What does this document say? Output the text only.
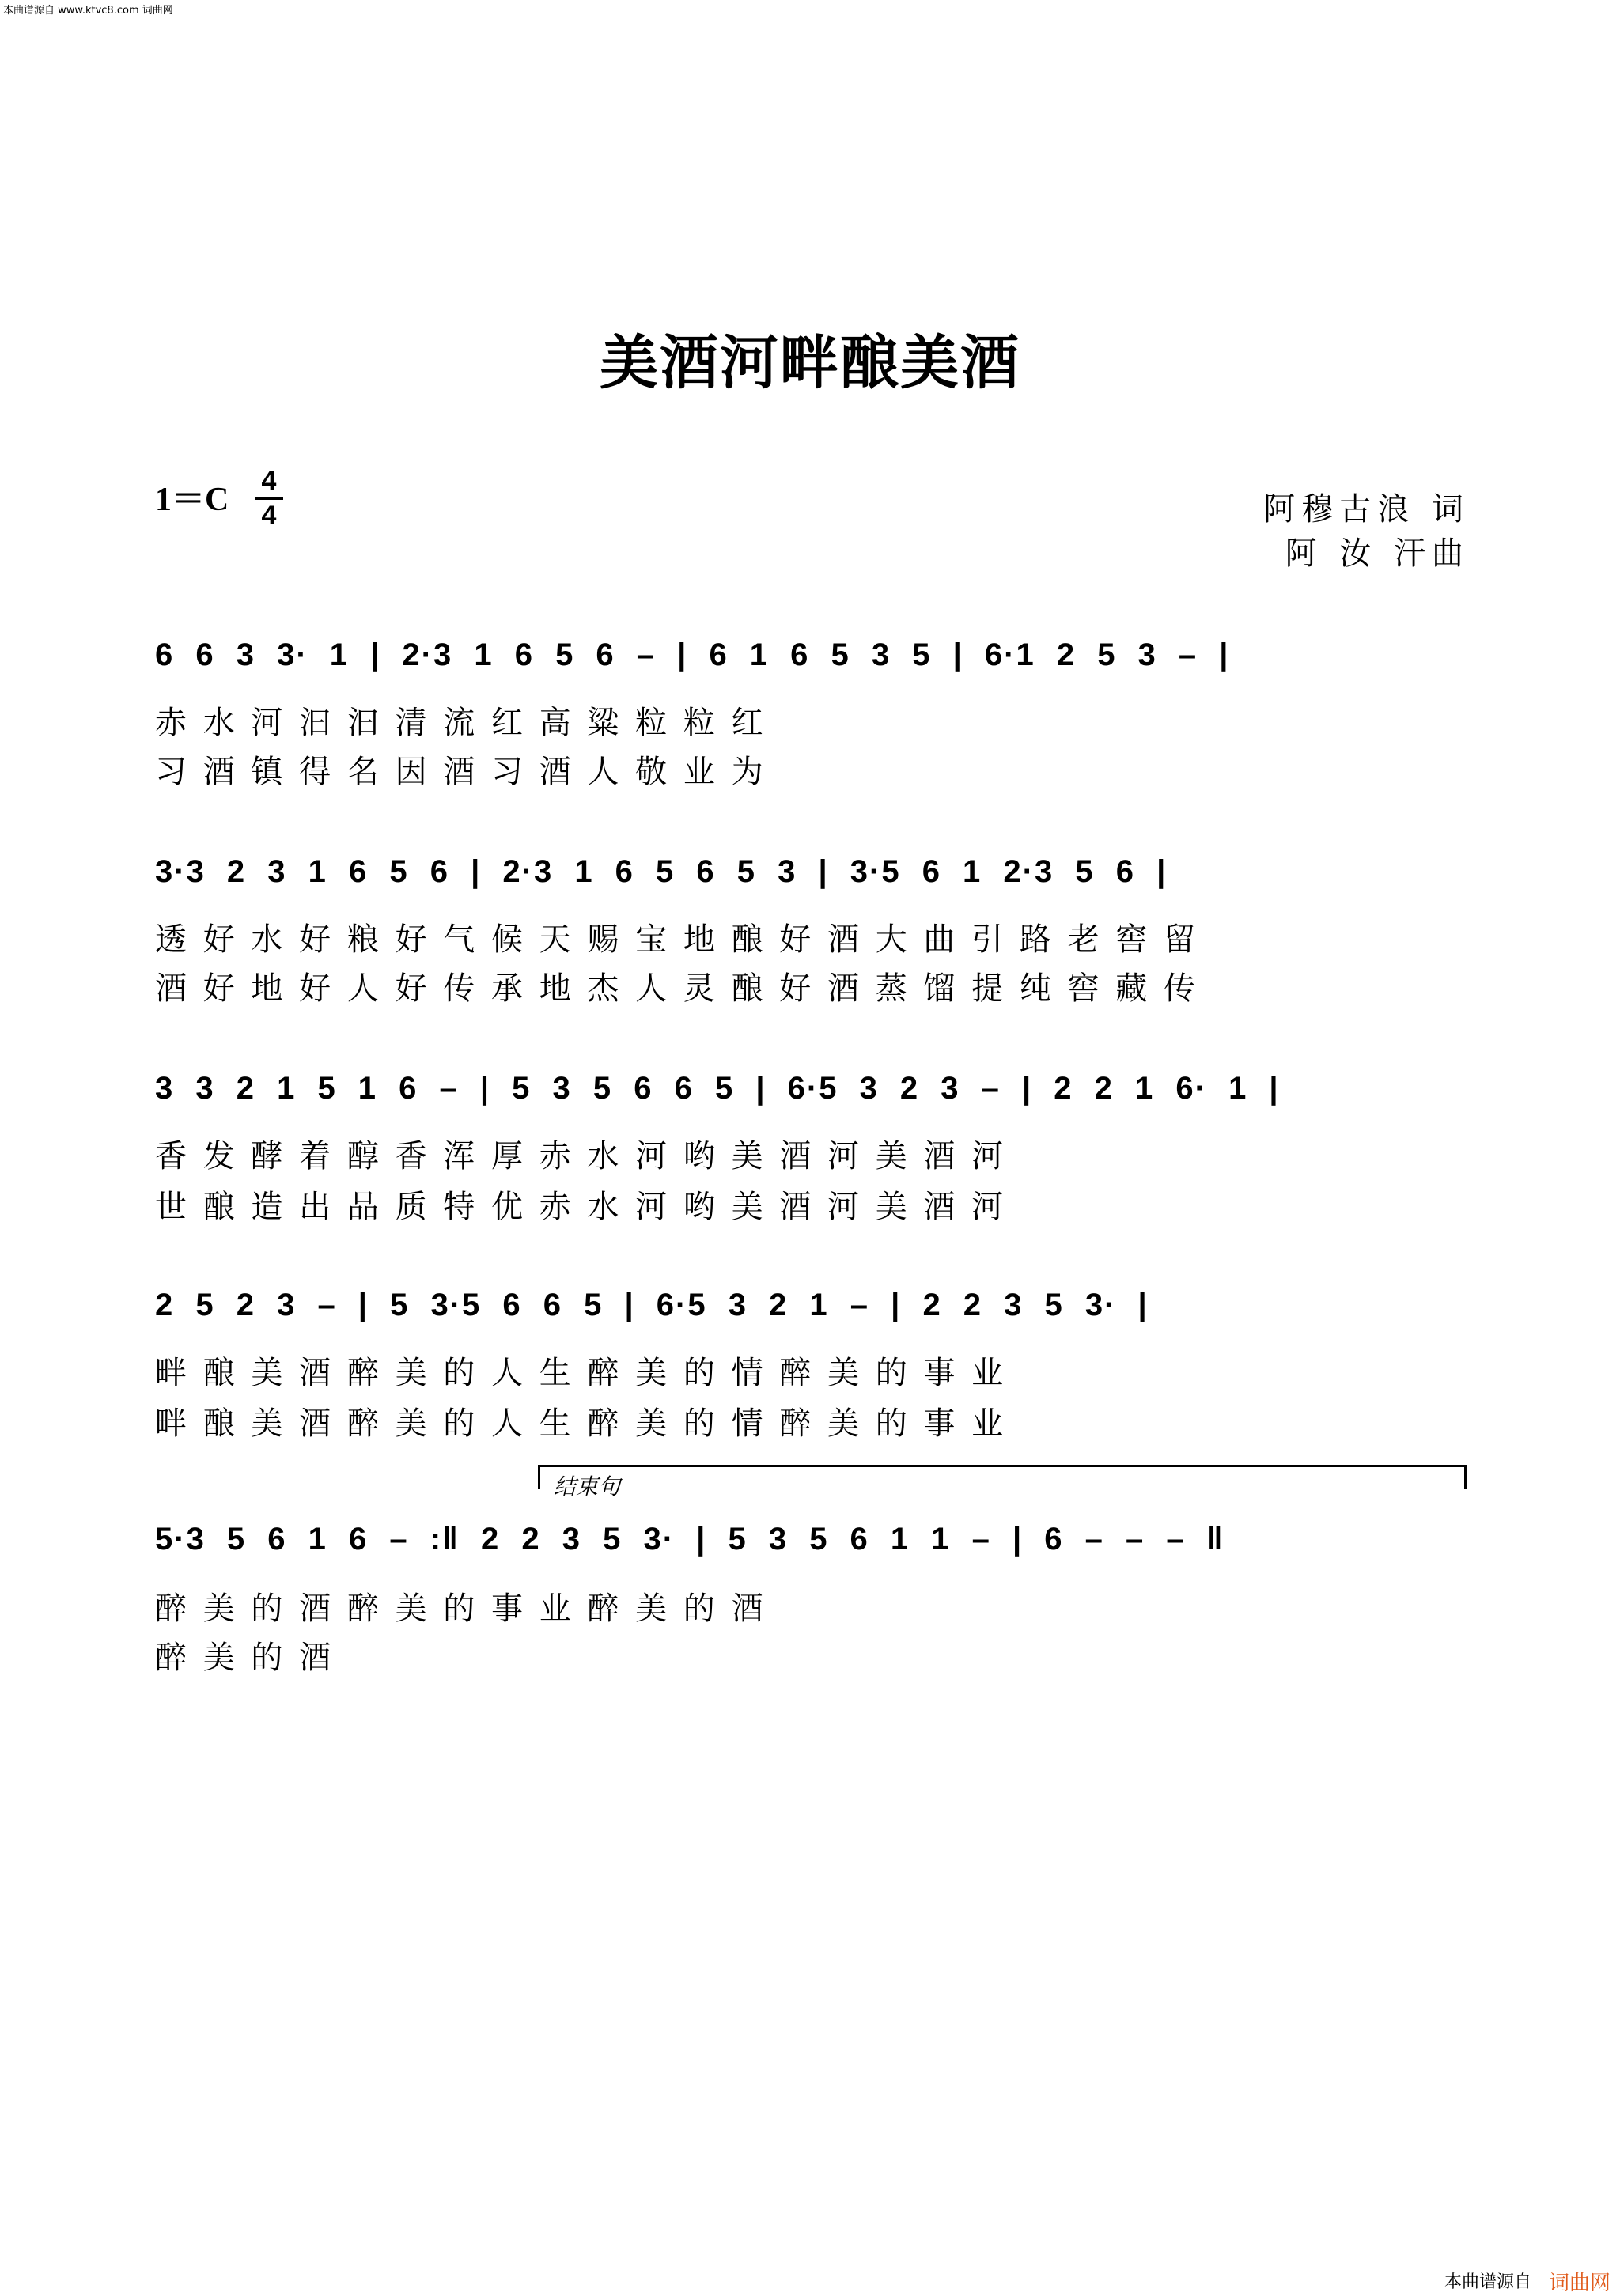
本曲谱源自 www.ktvc8.com 词曲网
美酒河畔酿美酒
1＝C
4
4	阿穆古浪 词
阿 汝 汗曲
6 6 3 3· 1 | 2·3 1 6 5 6 – | 6 1 6 5 3 5 | 6·1 2 5 3 – |
赤 水 河 汩 汩 清 流 红 高 粱 粒 粒 红
习 酒 镇 得 名 因 酒 习 酒 人 敬 业 为
3·3 2 3 1 6 5 6 | 2·3 1 6 5 6 5 3 | 3·5 6 1 2·3 5 6 |
透 好 水 好 粮 好 气 候 天 赐 宝 地 酿 好 酒 大 曲 引 路 老 窖 留
酒 好 地 好 人 好 传 承 地 杰 人 灵 酿 好 酒 蒸 馏 提 纯 窖 藏 传
3 3 2 1 5 1 6 – | 5 3 5 6 6 5 | 6·5 3 2 3 – | 2 2 1 6· 1 |
香 发 酵 着 醇 香 浑 厚 赤 水 河 哟 美 酒 河 美 酒 河
世 酿 造 出 品 质 特 优 赤 水 河 哟 美 酒 河 美 酒 河
2 5 2 3 – | 5 3·5 6 6 5 | 6·5 3 2 1 – | 2 2 3 5 3· |
畔 酿 美 酒 醉 美 的 人 生 醉 美 的 情 醉 美 的 事 业
畔 酿 美 酒 醉 美 的 人 生 醉 美 的 情 醉 美 的 事 业
结束句
5·3 5 6 1 6 – :‖ 2 2 3 5 3· | 5 3 5 6 1 1 – | 6 – – – ‖
醉 美 的 酒 醉 美 的 事 业 醉 美 的 酒
醉 美 的 酒
本曲谱源自 词曲网
